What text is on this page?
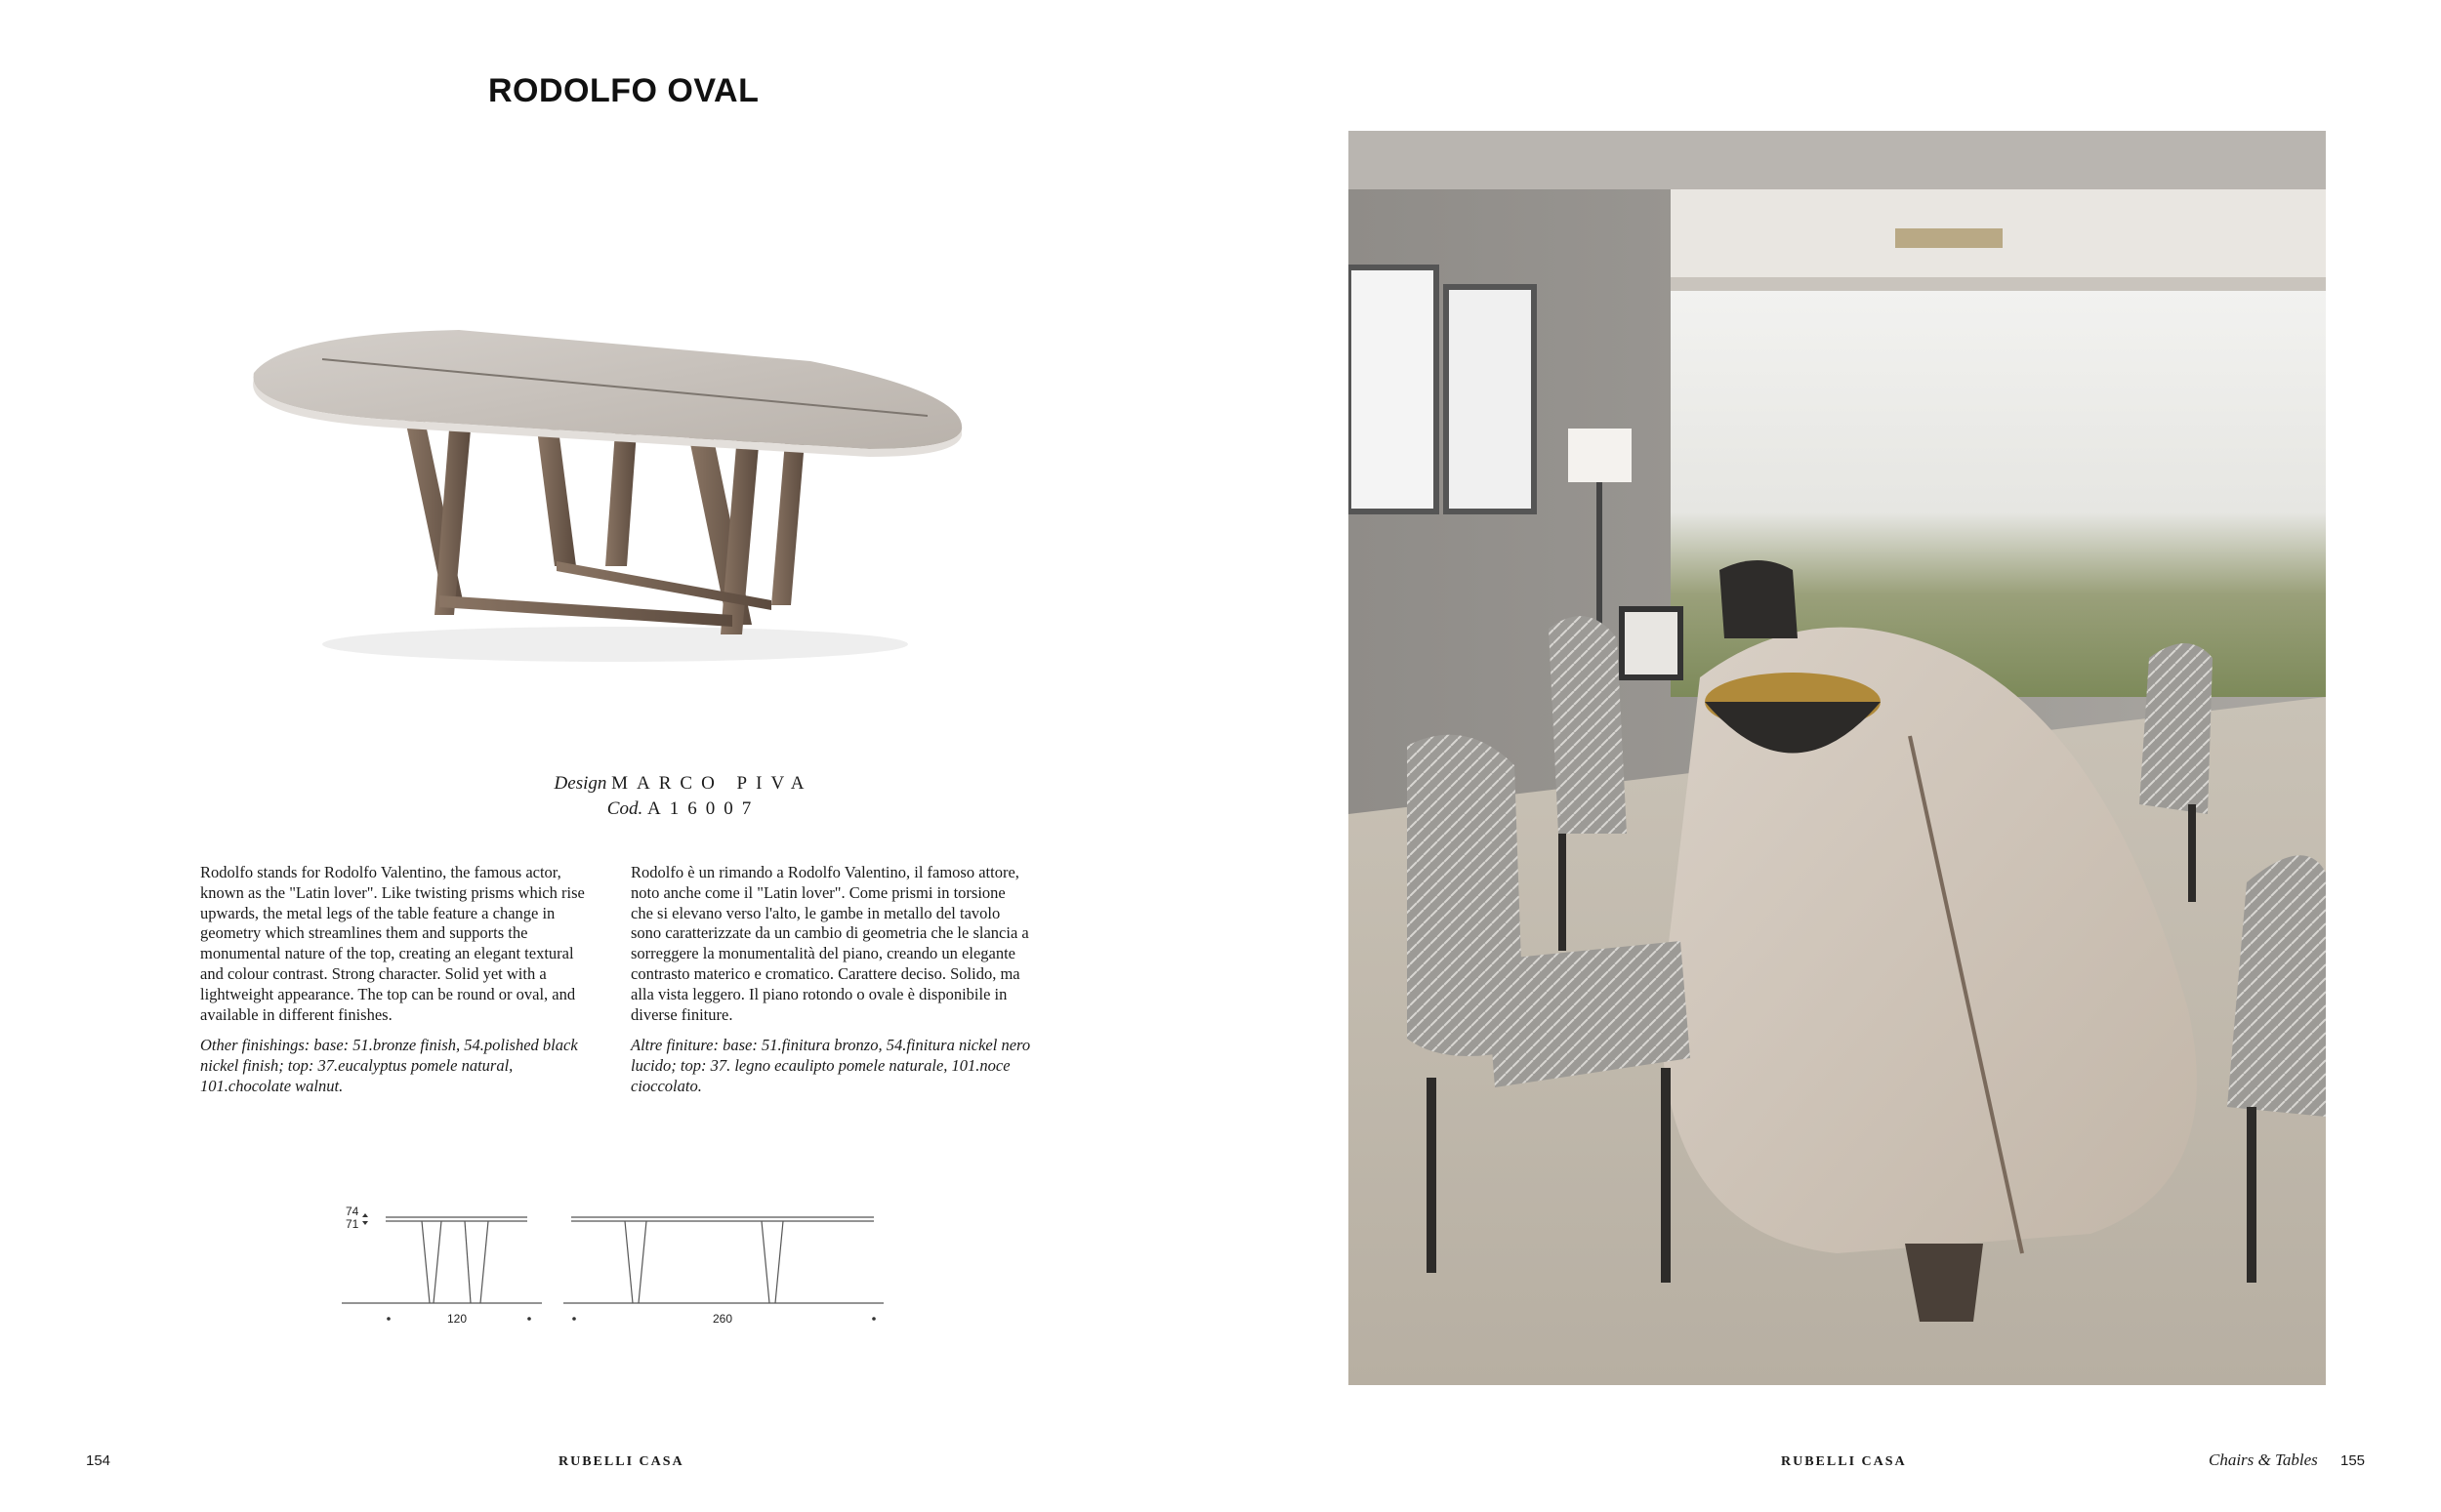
RODOLFO OVAL
Design MARCO PIVA
Cod. A16007

Rodolfo stands for Rodolfo Valentino, the famous actor, known as the "Latin lover". Like twisting prisms which rise upwards, the metal legs of the table feature a change in geometry which streamlines them and supports the monumental nature of the top, creating an elegant textural and colour contrast. Strong character. Solid yet with a lightweight appearance. The top can be round or oval, and available in different finishes.

Other finishings: base: 51.bronze finish, 54.polished black nickel finish; top: 37.eucalyptus pomele natural, 101.chocolate walnut.

Rodolfo è un rimando a Rodolfo Valentino, il famoso attore, noto anche come il "Latin lover". Come prismi in torsione che si elevano verso l'alto, le gambe in metallo del tavolo sono caratterizzate da un cambio di geometria che le slancia a sorreggere la monumentalità del piano, creando un elegante contrasto materico e cromatico. Carattere deciso. Solido, ma alla vista leggero. Il piano rotondo o ovale è disponibile in diverse finiture.

Altre finiture: base: 51.finitura bronzo, 54.finitura nickel nero lucido; top: 37. legno ecaulipto pomele naturale, 101.noce cioccolato.

74
71
120	260
154	RUBELLI CASA	RUBELLI CASA	Chairs & Tables 155
